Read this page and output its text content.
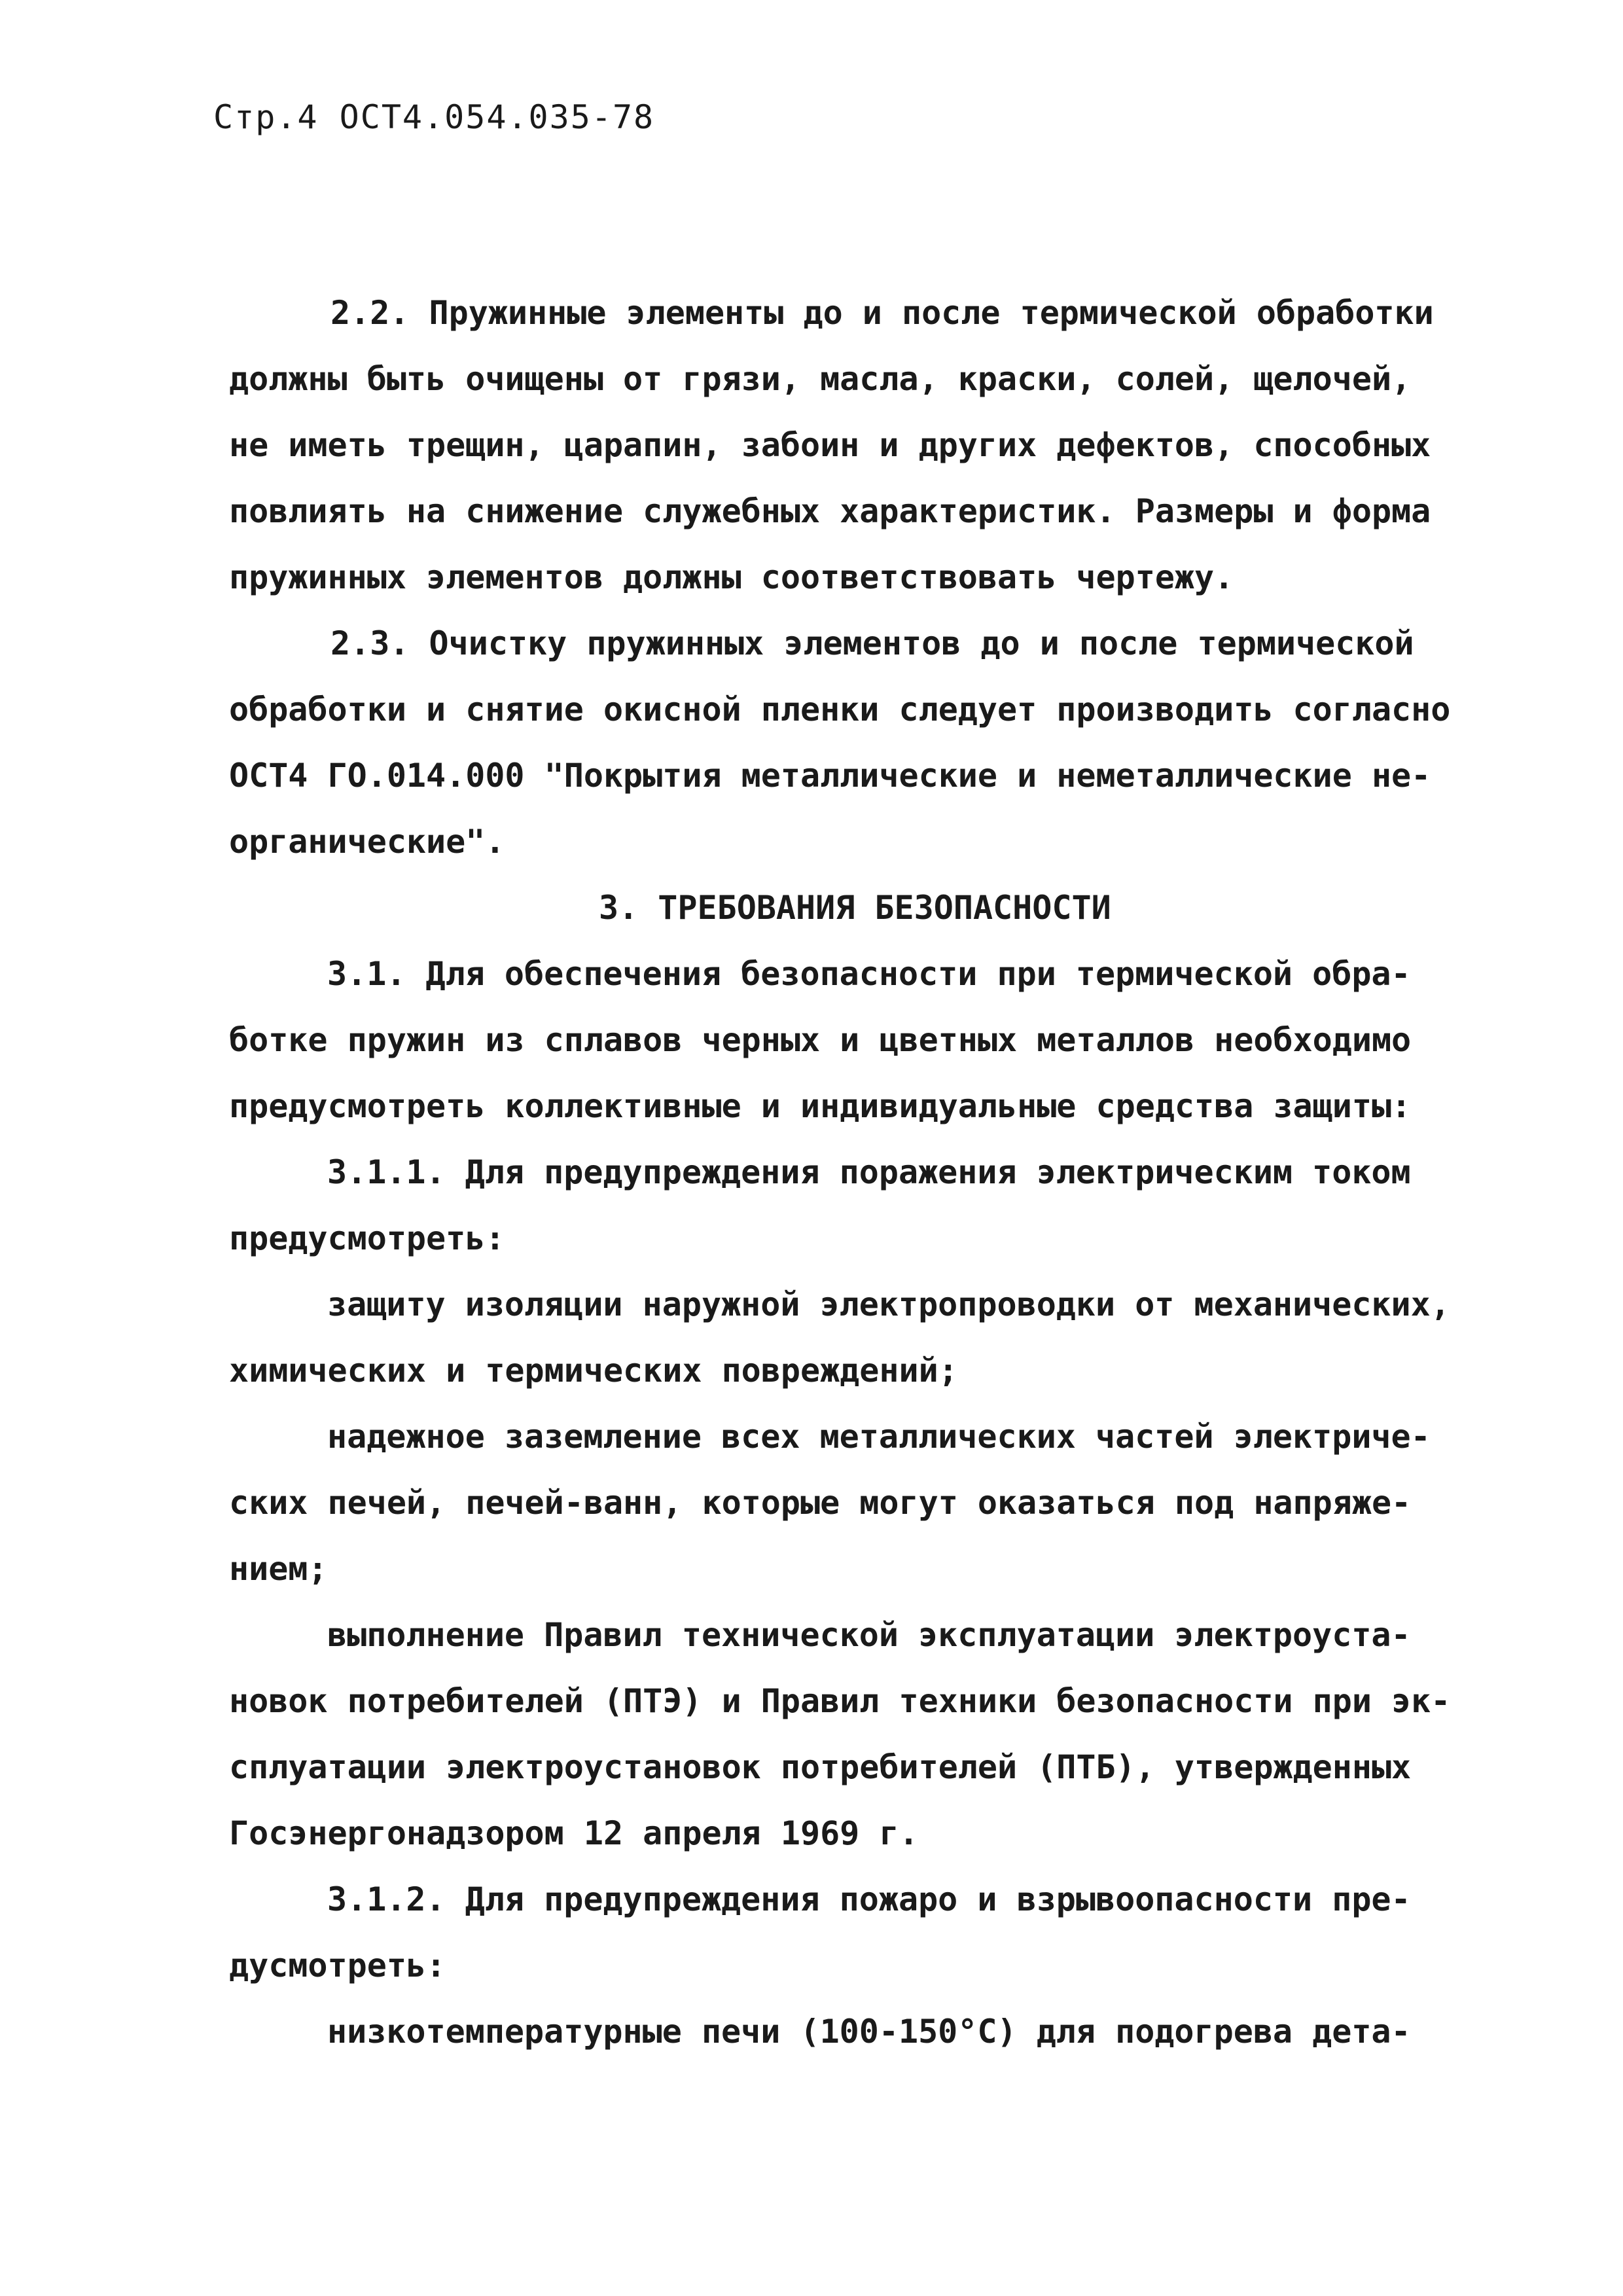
Стр.4 ОСТ4.054.035-78
2.2. Пружинные элементы до и после термической обработки
должны быть очищены от грязи, масла, краски, солей, щелочей,
не иметь трещин, царапин, забоин и других дефектов, способных
повлиять на снижение служебных характеристик. Размеры и форма
пружинных элементов должны соответствовать чертежу.
2.3. Очистку пружинных элементов до и после термической
обработки и снятие окисной пленки следует производить согласно
ОСТ4 ГО.014.000 "Покрытия металлические и неметаллические не-
органические".
3. ТРЕБОВАНИЯ БЕЗОПАСНОСТИ
3.1. Для обеспечения безопасности при термической обра-
ботке пружин из сплавов черных и цветных металлов необходимо
предусмотреть коллективные и индивидуальные средства защиты:
3.1.1. Для предупреждения поражения электрическим током
предусмотреть:
защиту изоляции наружной электропроводки от механических,
химических и термических повреждений;
надежное заземление всех металлических частей электриче-
ских печей, печей-ванн, которые могут оказаться под напряже-
нием;
выполнение Правил технической эксплуатации электроуста-
новок потребителей (ПТЭ) и Правил техники безопасности при эк-
сплуатации электроустановок потребителей (ПТБ), утвержденных
Госэнергонадзором 12 апреля 1969 г.
3.1.2. Для предупреждения пожаро и взрывоопасности пре-
дусмотреть:
низкотемпературные печи (100-150°С) для подогрева дета-
